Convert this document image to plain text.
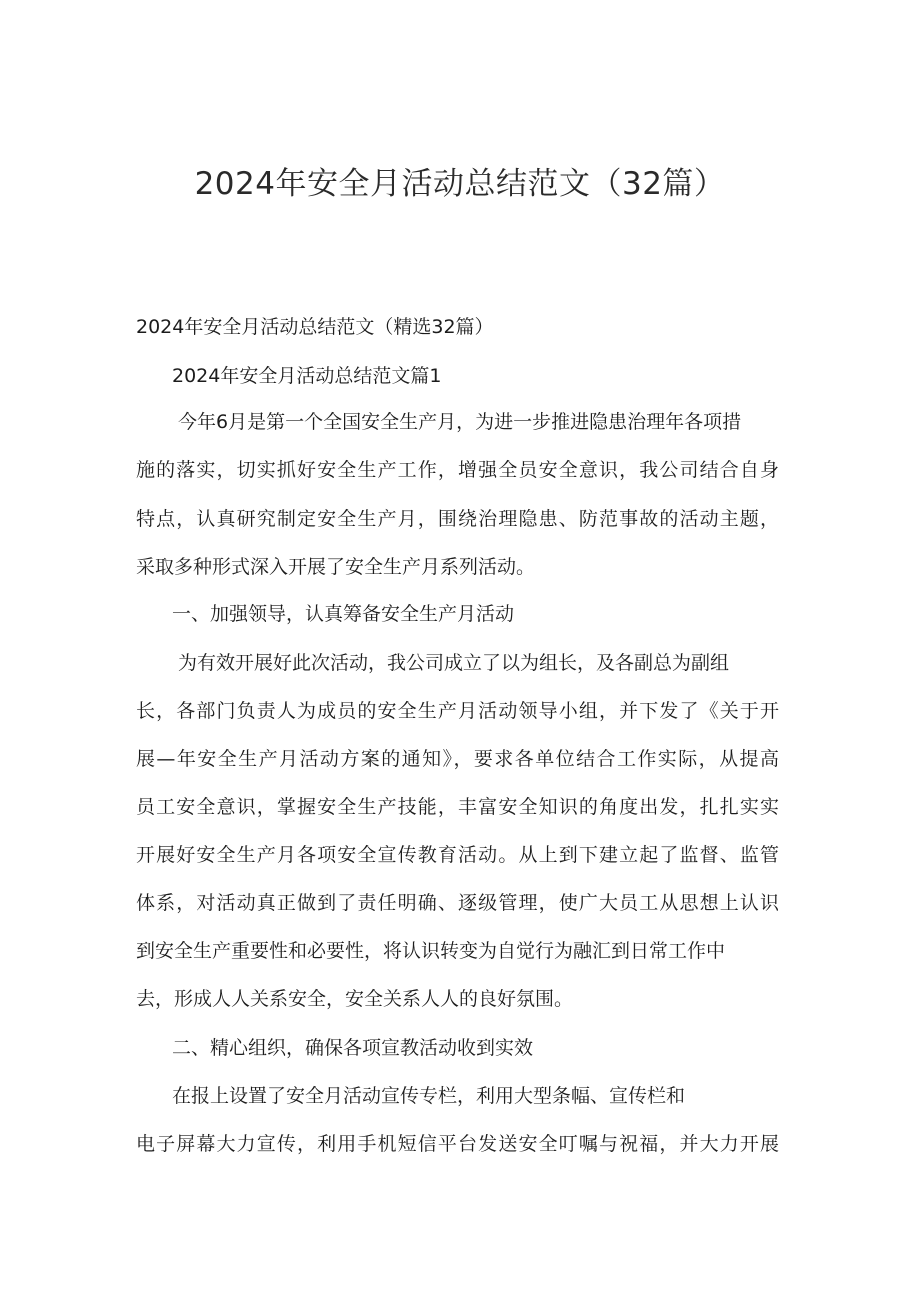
2024年安全月活动总结范文（32篇）
2024年安全月活动总结范文（精选32篇）
2024年安全月活动总结范文篇1
今年6月是第一个全国安全生产月，为进一步推进隐患治理年各项措
施的落实，切实抓好安全生产工作，增强全员安全意识，我公司结合自身
特点，认真研究制定安全生产月，围绕治理隐患、防范事故的活动主题，
采取多种形式深入开展了安全生产月系列活动。
一、加强领导，认真筹备安全生产月活动
为有效开展好此次活动，我公司成立了以为组长，及各副总为副组
长，各部门负责人为成员的安全生产月活动领导小组，并下发了《关于开
展—年安全生产月活动方案的通知》，要求各单位结合工作实际，从提高
员工安全意识，掌握安全生产技能，丰富安全知识的角度出发，扎扎实实
开展好安全生产月各项安全宣传教育活动。从上到下建立起了监督、监管
体系，对活动真正做到了责任明确、逐级管理，使广大员工从思想上认识
到安全生产重要性和必要性，将认识转变为自觉行为融汇到日常工作中
去，形成人人关系安全，安全关系人人的良好氛围。
二、精心组织，确保各项宣教活动收到实效
在报上设置了安全月活动宣传专栏，利用大型条幅、宣传栏和
电子屏幕大力宣传，利用手机短信平台发送安全叮嘱与祝福，并大力开展
